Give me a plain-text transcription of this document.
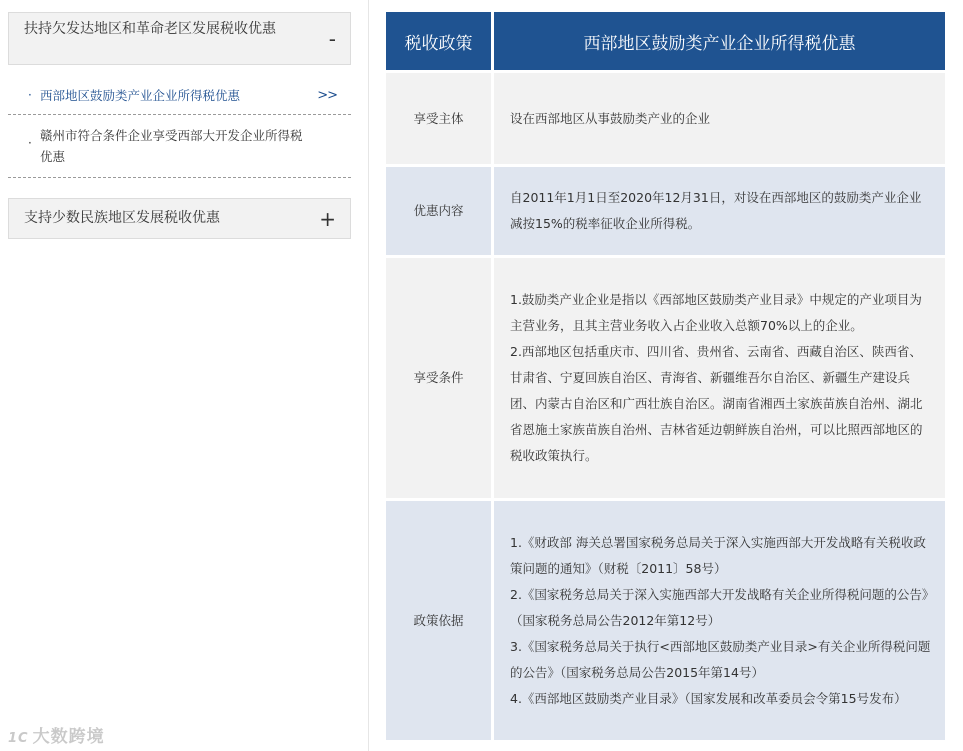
扶持欠发达地区和革命老区发展税收优惠	-
· 西部地区鼓励类产业企业所得税优惠	>>
· 赣州市符合条件企业享受西部大开发企业所得税优惠
支持少数民族地区发展税收优惠	+
税收政策	西部地区鼓励类产业企业所得税优惠
享受主体	设在西部地区从事鼓励类产业的企业

优惠内容	自2011年1月1日至2020年12月31日，对设在西部地区的鼓励类产业企业减按15%的税率征收企业所得税。

享受条件	1.鼓励类产业企业是指以《西部地区鼓励类产业目录》中规定的产业项目为主营业务，且其主营业务收入占企业收入总额70%以上的企业。
2.西部地区包括重庆市、四川省、贵州省、云南省、西藏自治区、陕西省、甘肃省、宁夏回族自治区、青海省、新疆维吾尔自治区、新疆生产建设兵团、内蒙古自治区和广西壮族自治区。湖南省湘西土家族苗族自治州、湖北省恩施土家族苗族自治州、吉林省延边朝鲜族自治州，可以比照西部地区的税收政策执行。

政策依据	1.《财政部 海关总署国家税务总局关于深入实施西部大开发战略有关税收政策问题的通知》（财税〔2011〕58号）
2.《国家税务总局关于深入实施西部大开发战略有关企业所得税问题的公告》（国家税务总局公告2012年第12号）
3.《国家税务总局关于执行<西部地区鼓励类产业目录>有关企业所得税问题的公告》（国家税务总局公告2015年第14号）
4.《西部地区鼓励类产业目录》（国家发展和改革委员会令第15号发布）
1C 大数跨境
